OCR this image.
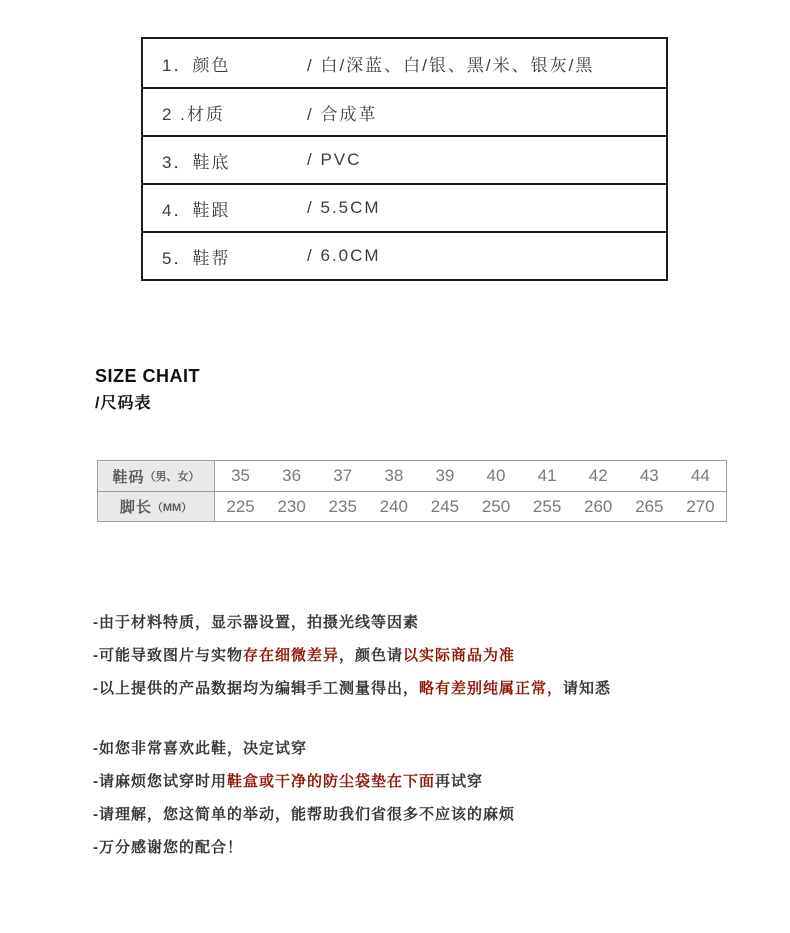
1．颜色	/ 白/深蓝、白/银、黑/米、银灰/黑
2 .材质	/ 合成革
3．鞋底	/ PVC
4．鞋跟	/ 5.5CM
5．鞋帮	/ 6.0CM
SIZE CHAIT
/尺码表
鞋码 （男、女）	35	36	37	38	39	40	41	42	43	44
脚长 （MM）	225	230	235	240	245	250	255	260	265	270
-由于材料特质，显示器设置，拍摄光线等因素
-可能导致图片与实物存在细微差异，颜色请以实际商品为准
-以上提供的产品数据均为编辑手工测量得出，略有差别纯属正常，请知悉
-如您非常喜欢此鞋，决定试穿
-请麻烦您试穿时用鞋盒或干净的防尘袋垫在下面再试穿
-请理解，您这简单的举动，能帮助我们省很多不应该的麻烦
-万分感谢您的配合！
